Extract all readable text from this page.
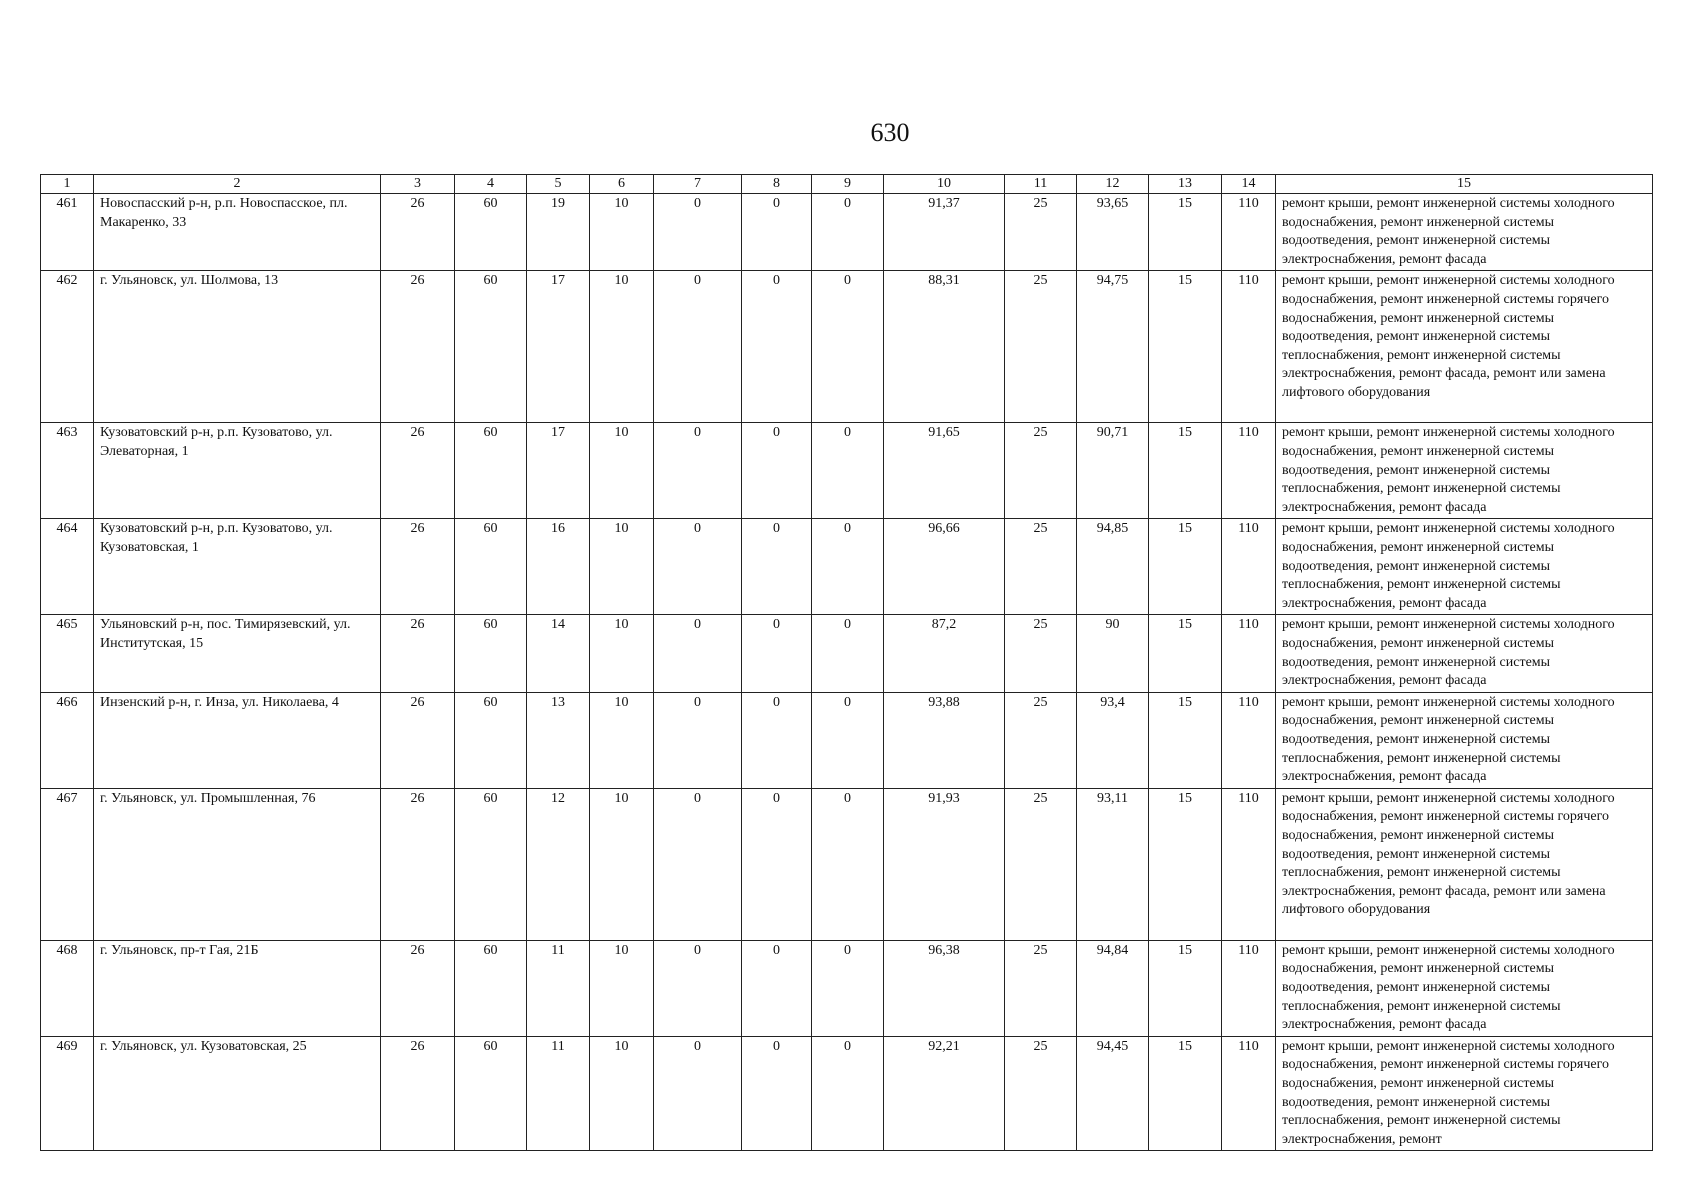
630
1	2	3	4	5	6	7	8	9	10	11	12	13	14	15
461	Новоспасский р-н, р.п. Новоспасское, пл. Макаренко, 33	26	60	19	10	0	0	0	91,37	25	93,65	15	110	ремонт крыши, ремонт инженерной системы холодного водоснабжения, ремонт инженерной системы водоотведения, ремонт инженерной системы электроснабжения, ремонт фасада
462	г. Ульяновск, ул. Шолмова, 13	26	60	17	10	0	0	0	88,31	25	94,75	15	110	ремонт крыши, ремонт инженерной системы холодного водоснабжения, ремонт инженерной системы горячего водоснабжения, ремонт инженерной системы водоотведения, ремонт инженерной системы теплоснабжения, ремонт инженерной системы электроснабжения, ремонт фасада, ремонт или замена лифтового оборудования
463	Кузоватовский р-н, р.п. Кузоватово, ул. Элеваторная, 1	26	60	17	10	0	0	0	91,65	25	90,71	15	110	ремонт крыши, ремонт инженерной системы холодного водоснабжения, ремонт инженерной системы водоотведения, ремонт инженерной системы теплоснабжения, ремонт инженерной системы электроснабжения, ремонт фасада
464	Кузоватовский р-н, р.п. Кузоватово, ул. Кузоватовская, 1	26	60	16	10	0	0	0	96,66	25	94,85	15	110	ремонт крыши, ремонт инженерной системы холодного водоснабжения, ремонт инженерной системы водоотведения, ремонт инженерной системы теплоснабжения, ремонт инженерной системы электроснабжения, ремонт фасада
465	Ульяновский р-н, пос. Тимирязевский, ул. Институтская, 15	26	60	14	10	0	0	0	87,2	25	90	15	110	ремонт крыши, ремонт инженерной системы холодного водоснабжения, ремонт инженерной системы водоотведения, ремонт инженерной системы электроснабжения, ремонт фасада
466	Инзенский р-н, г. Инза, ул. Николаева, 4	26	60	13	10	0	0	0	93,88	25	93,4	15	110	ремонт крыши, ремонт инженерной системы холодного водоснабжения, ремонт инженерной системы водоотведения, ремонт инженерной системы теплоснабжения, ремонт инженерной системы электроснабжения, ремонт фасада
467	г. Ульяновск, ул. Промышленная, 76	26	60	12	10	0	0	0	91,93	25	93,11	15	110	ремонт крыши, ремонт инженерной системы холодного водоснабжения, ремонт инженерной системы горячего водоснабжения, ремонт инженерной системы водоотведения, ремонт инженерной системы теплоснабжения, ремонт инженерной системы электроснабжения, ремонт фасада, ремонт или замена лифтового оборудования
468	г. Ульяновск, пр-т Гая, 21Б	26	60	11	10	0	0	0	96,38	25	94,84	15	110	ремонт крыши, ремонт инженерной системы холодного водоснабжения, ремонт инженерной системы водоотведения, ремонт инженерной системы теплоснабжения, ремонт инженерной системы электроснабжения, ремонт фасада
469	г. Ульяновск, ул. Кузоватовская, 25	26	60	11	10	0	0	0	92,21	25	94,45	15	110	ремонт крыши, ремонт инженерной системы холодного водоснабжения, ремонт инженерной системы горячего водоснабжения, ремонт инженерной системы водоотведения, ремонт инженерной системы теплоснабжения, ремонт инженерной системы электроснабжения, ремонт
